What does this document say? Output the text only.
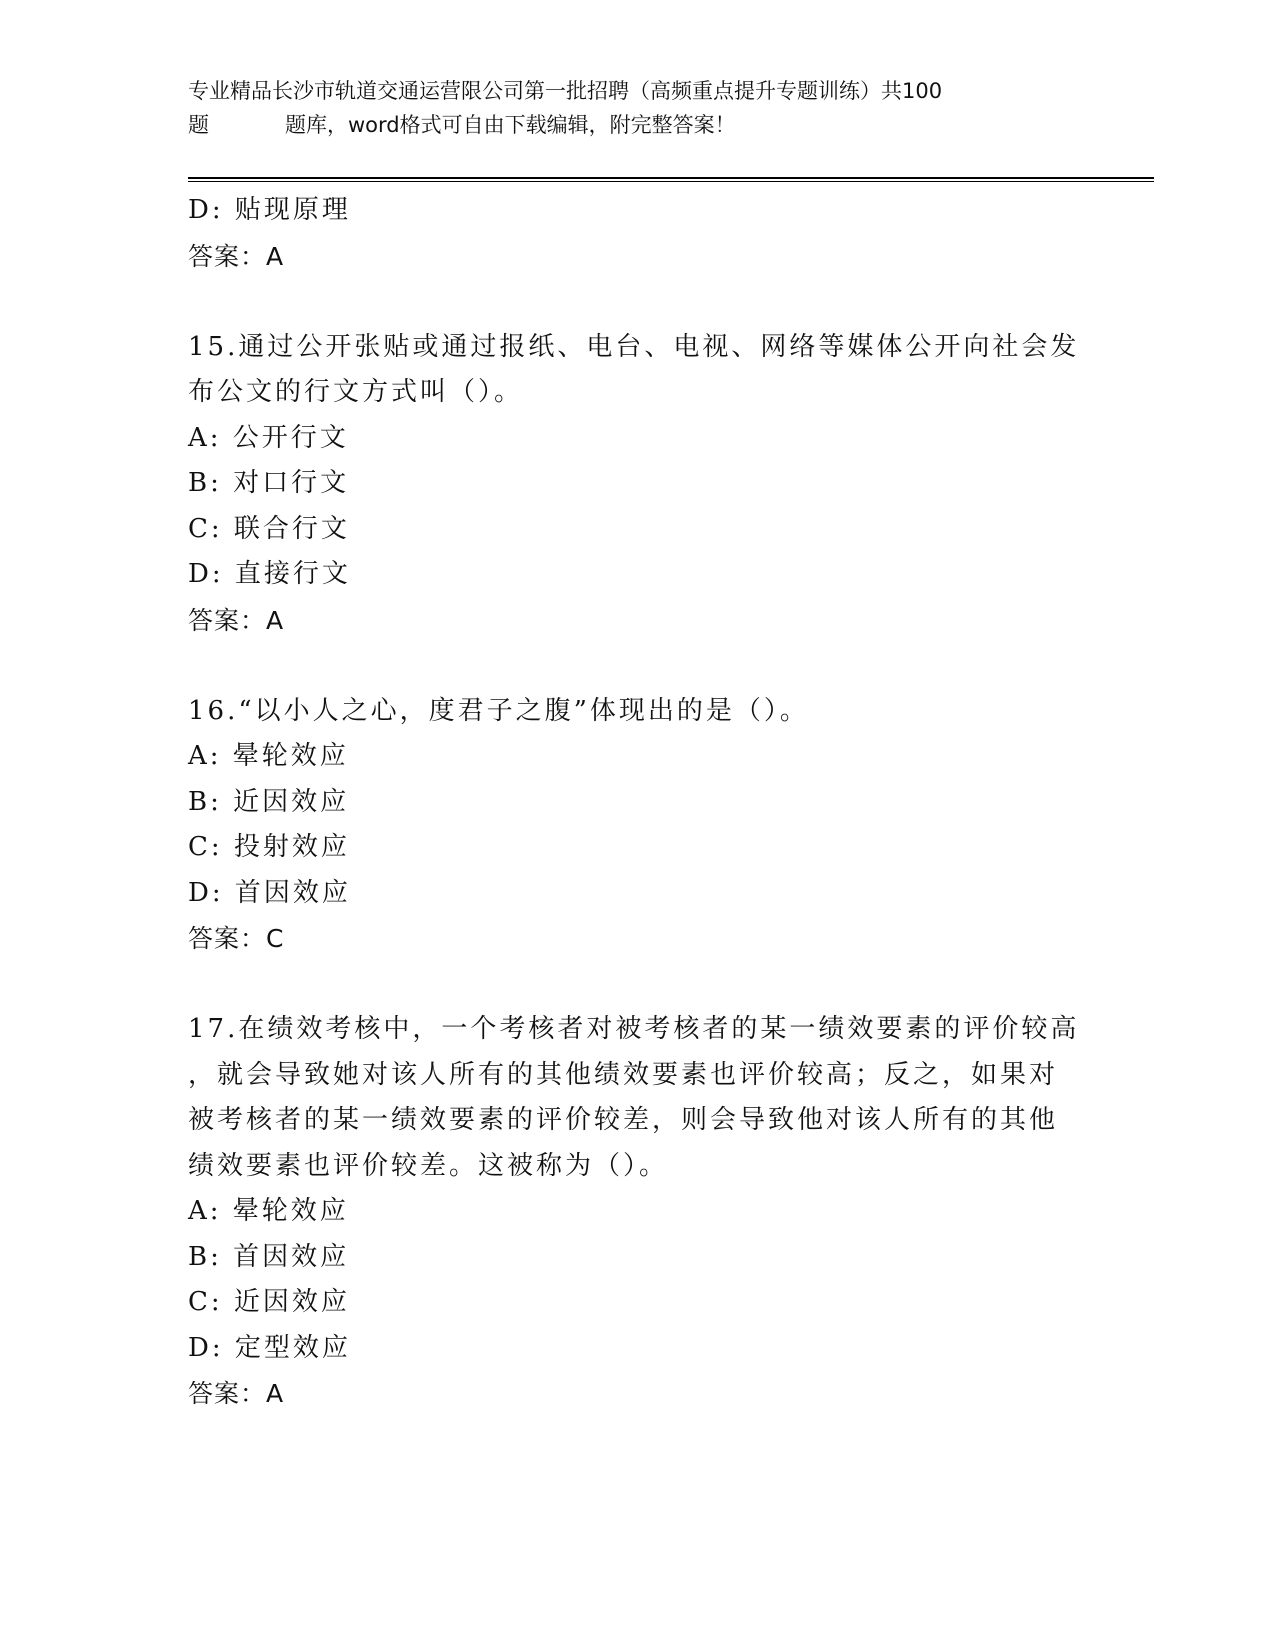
专业精品长沙市轨道交通运营限公司第一批招聘（高频重点提升专题训练）共100
题	题库，word格式可自由下载编辑，附完整答案！
D: 贴现原理
答案：A
15.通过公开张贴或通过报纸、电台、电视、网络等媒体公开向社会发
布公文的行文方式叫（）。
A: 公开行文
B: 对口行文
C: 联合行文
D: 直接行文
答案：A
16.“以小人之心，度君子之腹”体现出的是（）。
A: 晕轮效应
B: 近因效应
C: 投射效应
D: 首因效应
答案：C
17.在绩效考核中，一个考核者对被考核者的某一绩效要素的评价较高
，就会导致她对该人所有的其他绩效要素也评价较高；反之，如果对
被考核者的某一绩效要素的评价较差，则会导致他对该人所有的其他
绩效要素也评价较差。这被称为（）。
A: 晕轮效应
B: 首因效应
C: 近因效应
D: 定型效应
答案：A
